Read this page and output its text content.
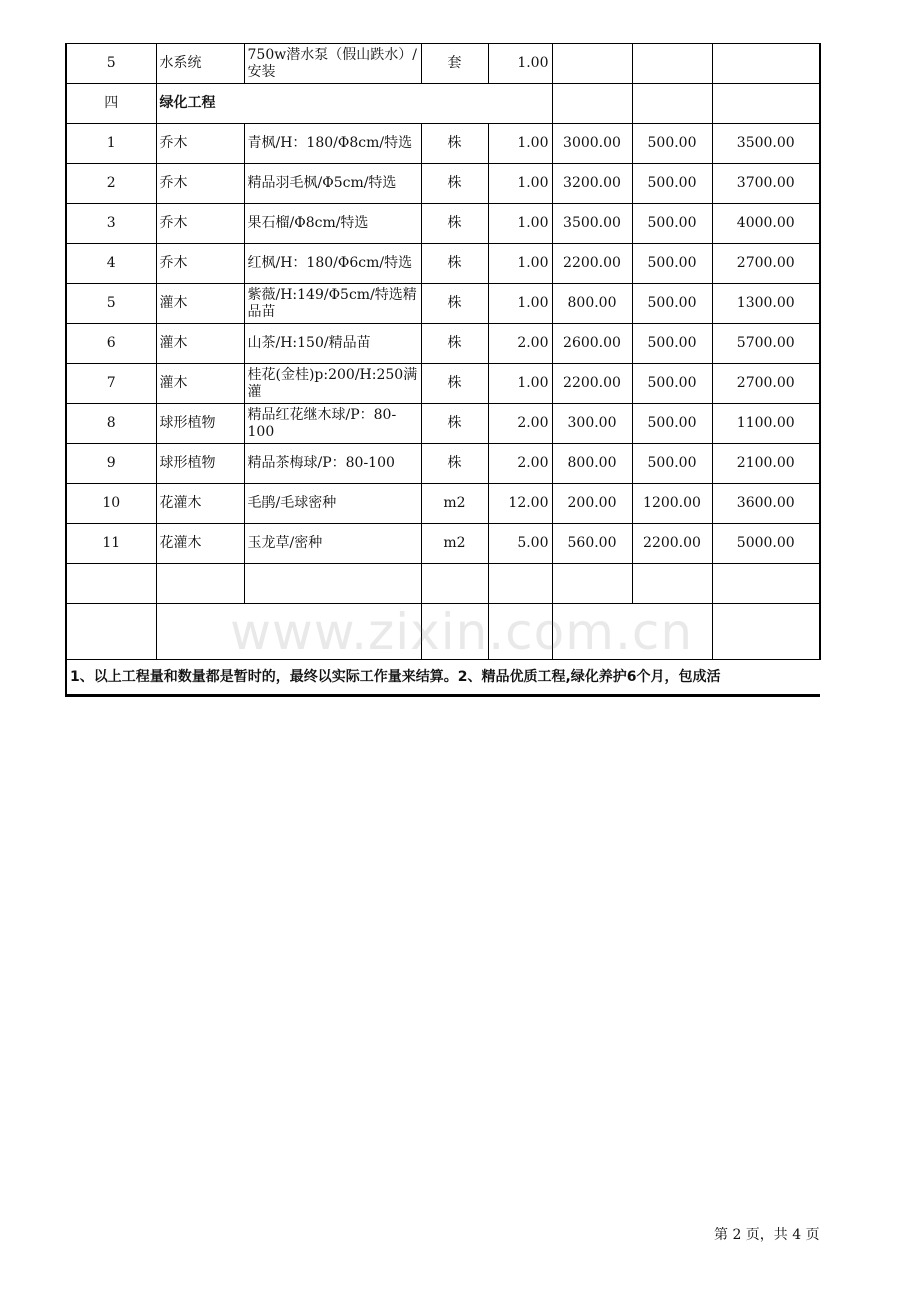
5	水系统	750w潜水泵（假山跌水）/安装	套	1.00			
四	绿化工程						
1	乔木	青枫/H：180/Φ8cm/特选	株	1.00	3000.00	500.00	3500.00
2	乔木	精品羽毛枫/Φ5cm/特选	株	1.00	3200.00	500.00	3700.00
3	乔木	果石榴/Φ8cm/特选	株	1.00	3500.00	500.00	4000.00
4	乔木	红枫/H：180/Φ6cm/特选	株	1.00	2200.00	500.00	2700.00
5	灌木	紫薇/H:149/Φ5cm/特选精品苗	株	1.00	800.00	500.00	1300.00
6	灌木	山茶/H:150/精品苗	株	2.00	2600.00	500.00	5700.00
7	灌木	桂花(金桂)p:200/H:250满灌	株	1.00	2200.00	500.00	2700.00
8	球形植物	精品红花继木球/P：80-100	株	2.00	300.00	500.00	1100.00
9	球形植物	精品茶梅球/P：80-100	株	2.00	800.00	500.00	2100.00
10	花灌木	毛鹃/毛球密种	m2	12.00	200.00	1200.00	3600.00
11	花灌木	玉龙草/密种	m2	5.00	560.00	2200.00	5000.00

1、以上工程量和数量都是暂时的，最终以实际工作量来结算。2、精品优质工程,绿化养护6个月，包成活							
www.zixin.com.cn
第 2 页，共 4 页
